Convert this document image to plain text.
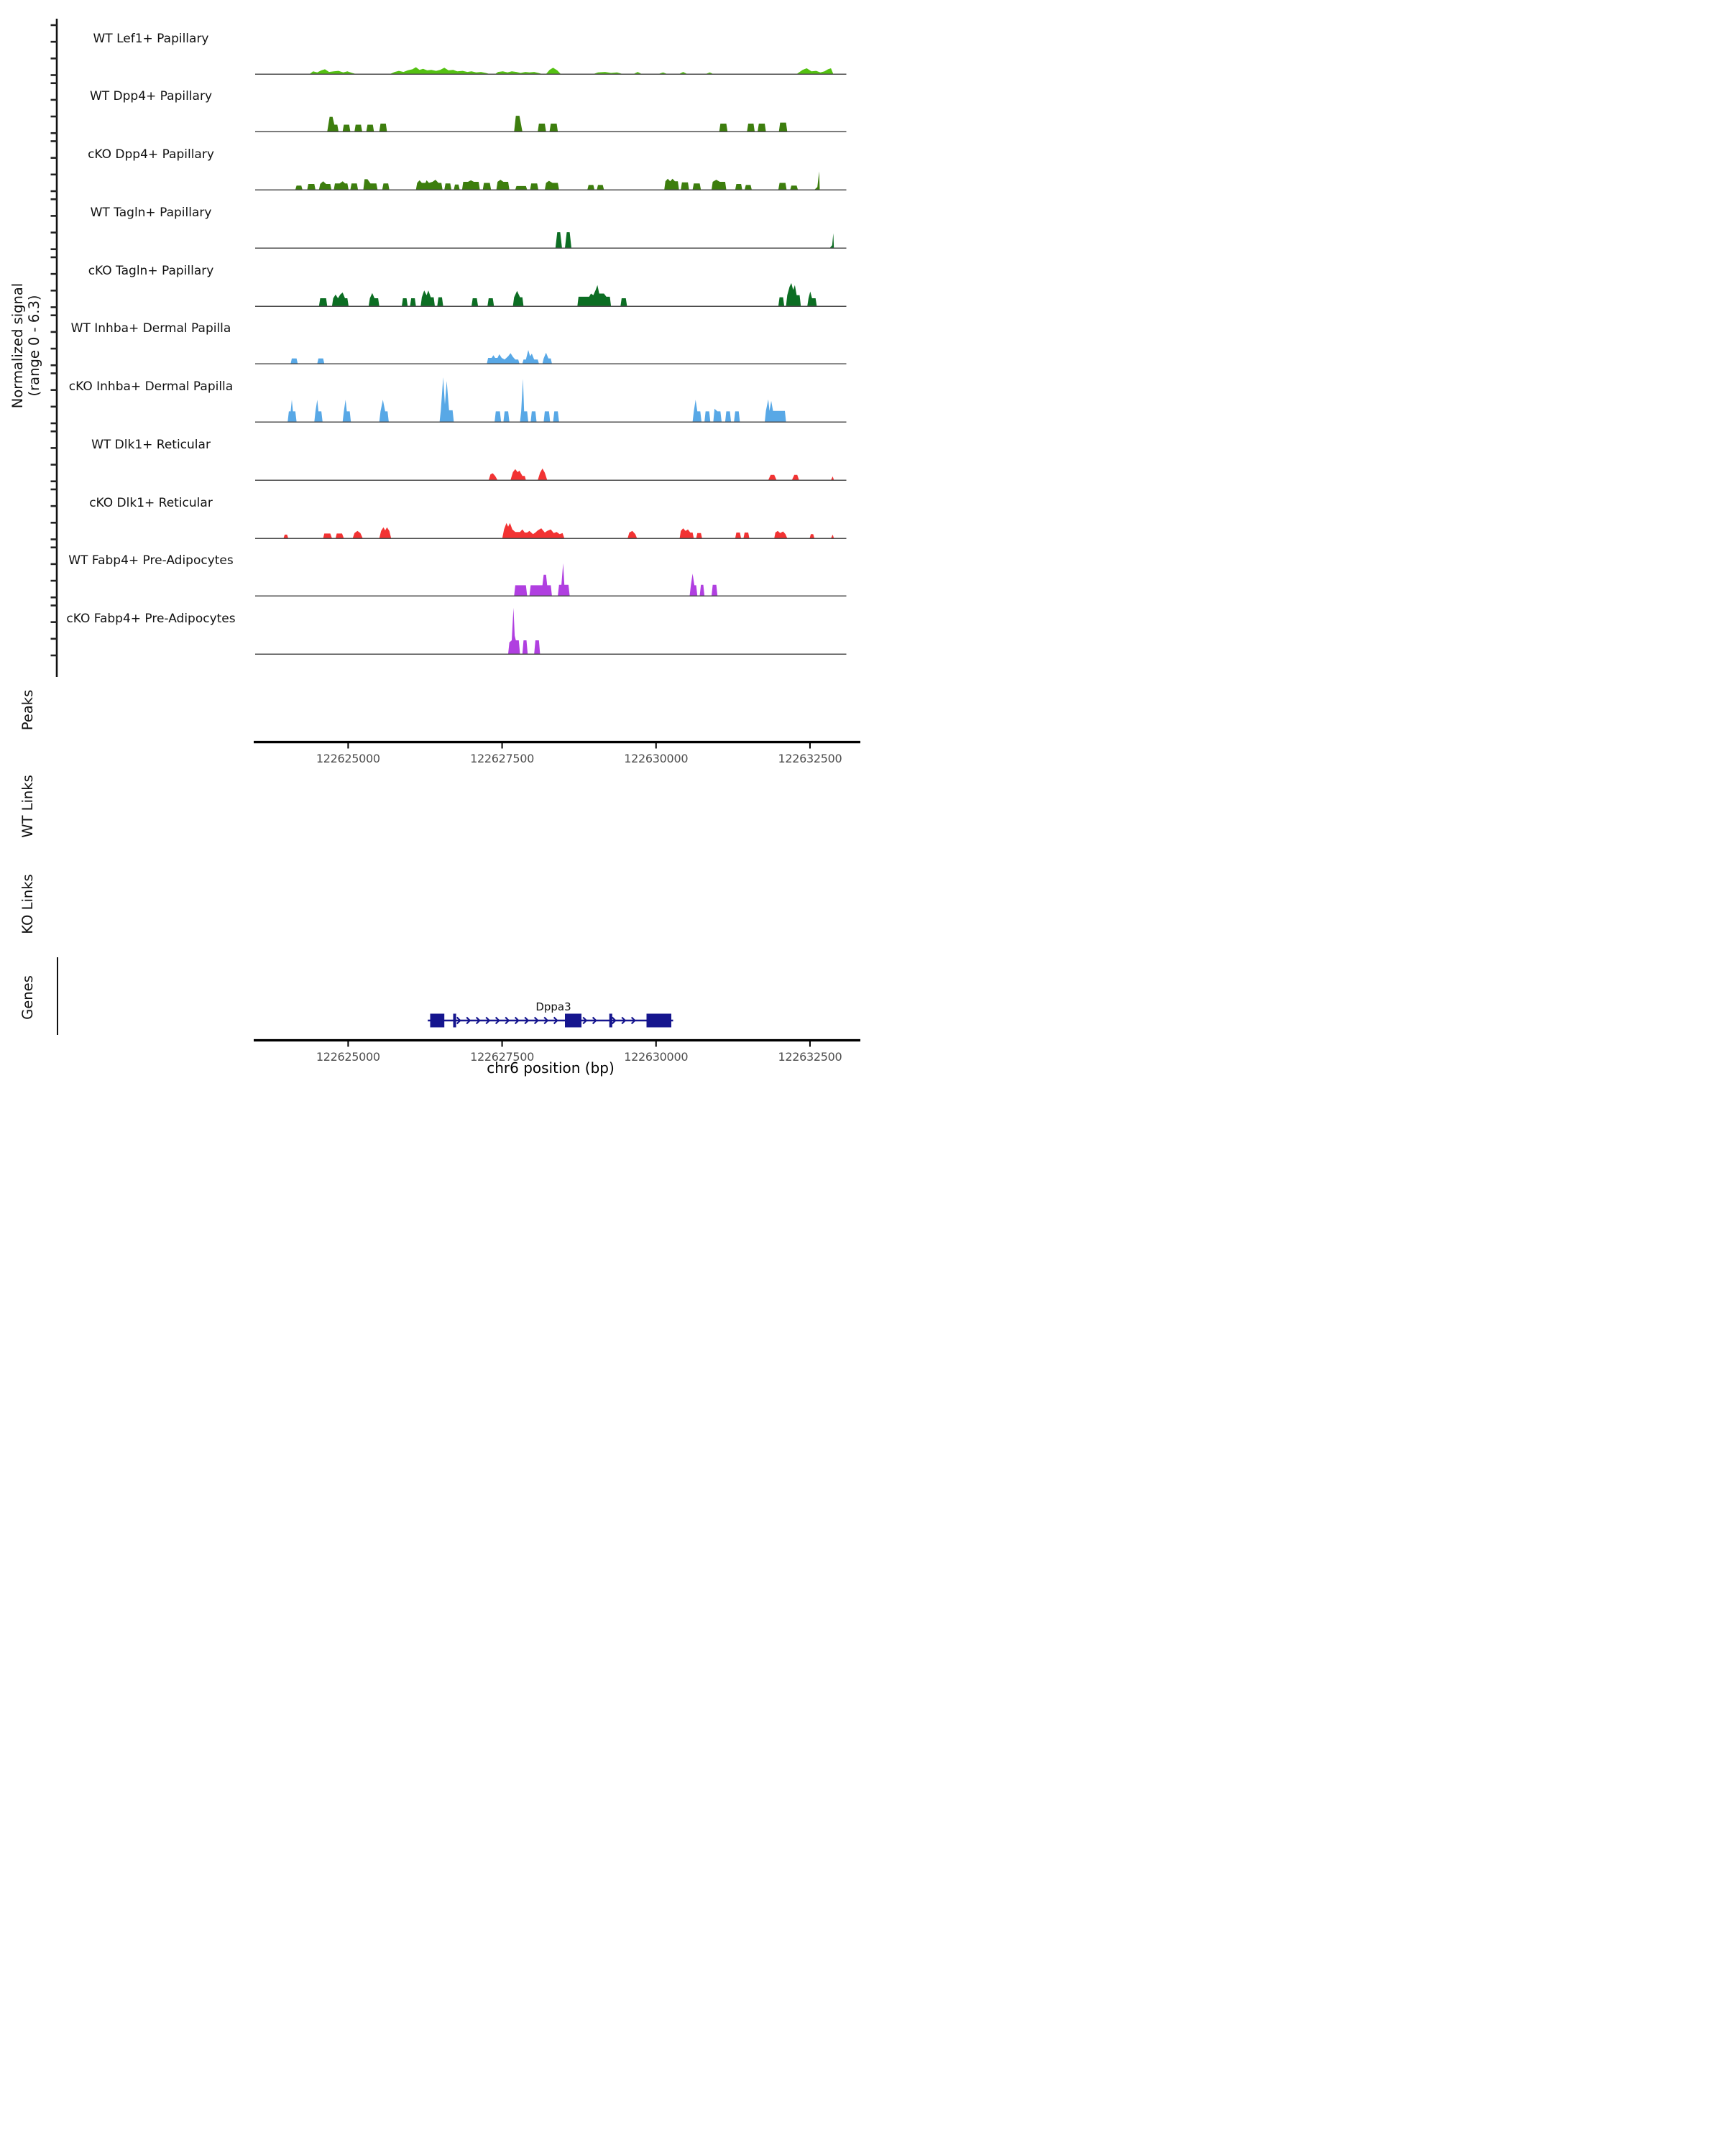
Normalized signal (range 0 - 6.3)
Peaks
WT Links
KO Links
Genes	Dppa3
chr6 position (bp)
WT Lef1+ Papillary
WT Dpp4+ Papillary
cKO Dpp4+ Papillary
WT Tagln+ Papillary
cKO Tagln+ Papillary
WT Inhba+ Dermal Papilla
cKO Inhba+ Dermal Papilla
WT Dlk1+ Reticular
cKO Dlk1+ Reticular
WT Fabp4+ Pre-Adipocytes
cKO Fabp4+ Pre-Adipocytes
122625000	122627500	122630000	122632500
122625000	122627500	122630000	122632500
